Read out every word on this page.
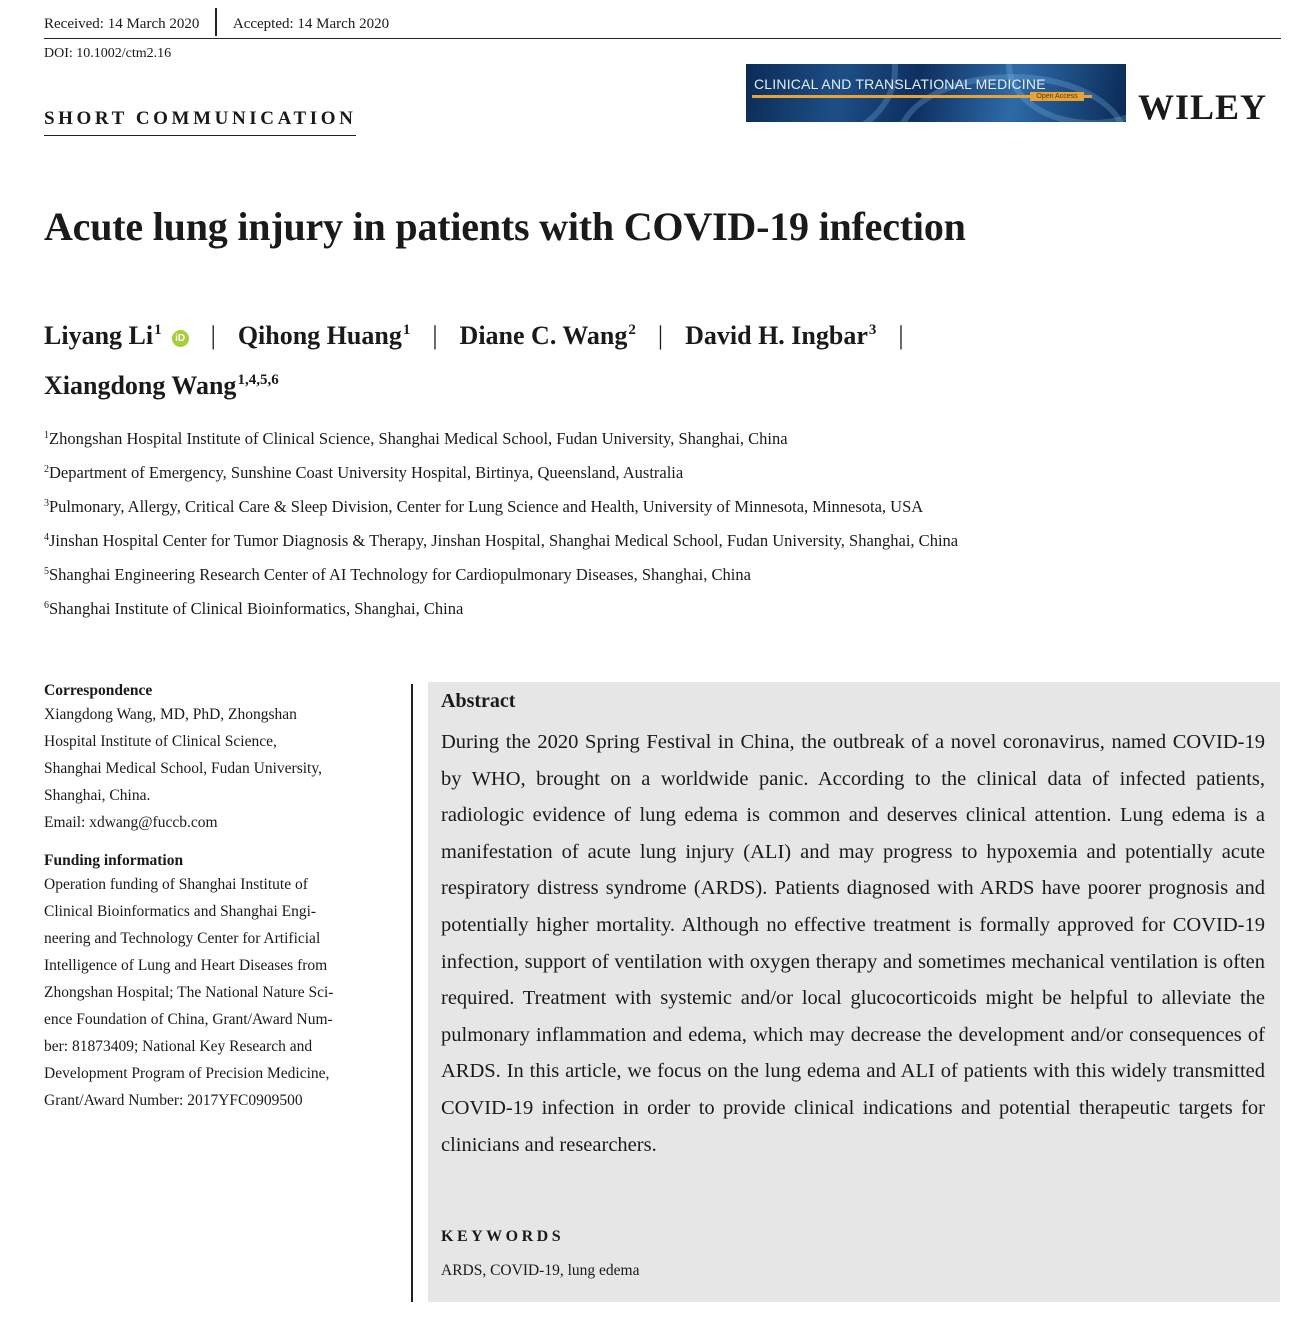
Received: 14 March 2020 Accepted: 14 March 2020
DOI: 10.1002/ctm2.16
SHORT COMMUNICATION
CLINICAL AND TRANSLATIONAL MEDICINE
Open Access WILEY
Acute lung injury in patients with COVID-19 infection
Liyang Li$^1$iD | Qihong Huang$^1$ | Diane C. Wang$^2$ | David H. Ingbar$^3$ |
Xiangdong Wang$^{1,4,5,6}$
$^1$Zhongshan Hospital Institute of Clinical Science, Shanghai Medical School, Fudan University, Shanghai, China
$^2$Department of Emergency, Sunshine Coast University Hospital, Birtinya, Queensland, Australia
$^3$Pulmonary, Allergy, Critical Care & Sleep Division, Center for Lung Science and Health, University of Minnesota, Minnesota, USA
$^4$Jinshan Hospital Center for Tumor Diagnosis & Therapy, Jinshan Hospital, Shanghai Medical School, Fudan University, Shanghai, China
$^5$Shanghai Engineering Research Center of AI Technology for Cardiopulmonary Diseases, Shanghai, China
$^6$Shanghai Institute of Clinical Bioinformatics, Shanghai, China
Correspondence
Xiangdong Wang, MD, PhD, Zhongshan
Hospital Institute of Clinical Science,
Shanghai Medical School, Fudan University,
Shanghai, China.
Email: xdwang@fuccb.com
Funding information
Operation funding of Shanghai Institute of
Clinical Bioinformatics and Shanghai Engi-
neering and Technology Center for Artificial
Intelligence of Lung and Heart Diseases from
Zhongshan Hospital; The National Nature Sci-
ence Foundation of China, Grant/Award Num-
ber: 81873409; National Key Research and
Development Program of Precision Medicine,
Grant/Award Number: 2017YFC0909500
Abstract
During the 2020 Spring Festival in China, the outbreak of a novel coronavirus, named COVID-19 by WHO, brought on a worldwide panic. According to the clinical data of infected patients, radiologic evidence of lung edema is common and deserves clinical attention. Lung edema is a manifestation of acute lung injury (ALI) and may progress to hypoxemia and potentially acute respiratory distress syndrome (ARDS). Patients diagnosed with ARDS have poorer prognosis and potentially higher mortality. Although no effective treatment is formally approved for COVID-19 infection, support of ventilation with oxygen therapy and sometimes mechanical ventilation is often required. Treatment with systemic and/or local glucocorticoids might be helpful to alleviate the pulmonary inflammation and edema, which may decrease the development and/or consequences of ARDS. In this article, we focus on the lung edema and ALI of patients with this widely transmitted COVID-19 infection in order to provide clinical indications and potential therapeutic targets for clinicians and researchers.
KEYWORDS
ARDS, COVID-19, lung edema
